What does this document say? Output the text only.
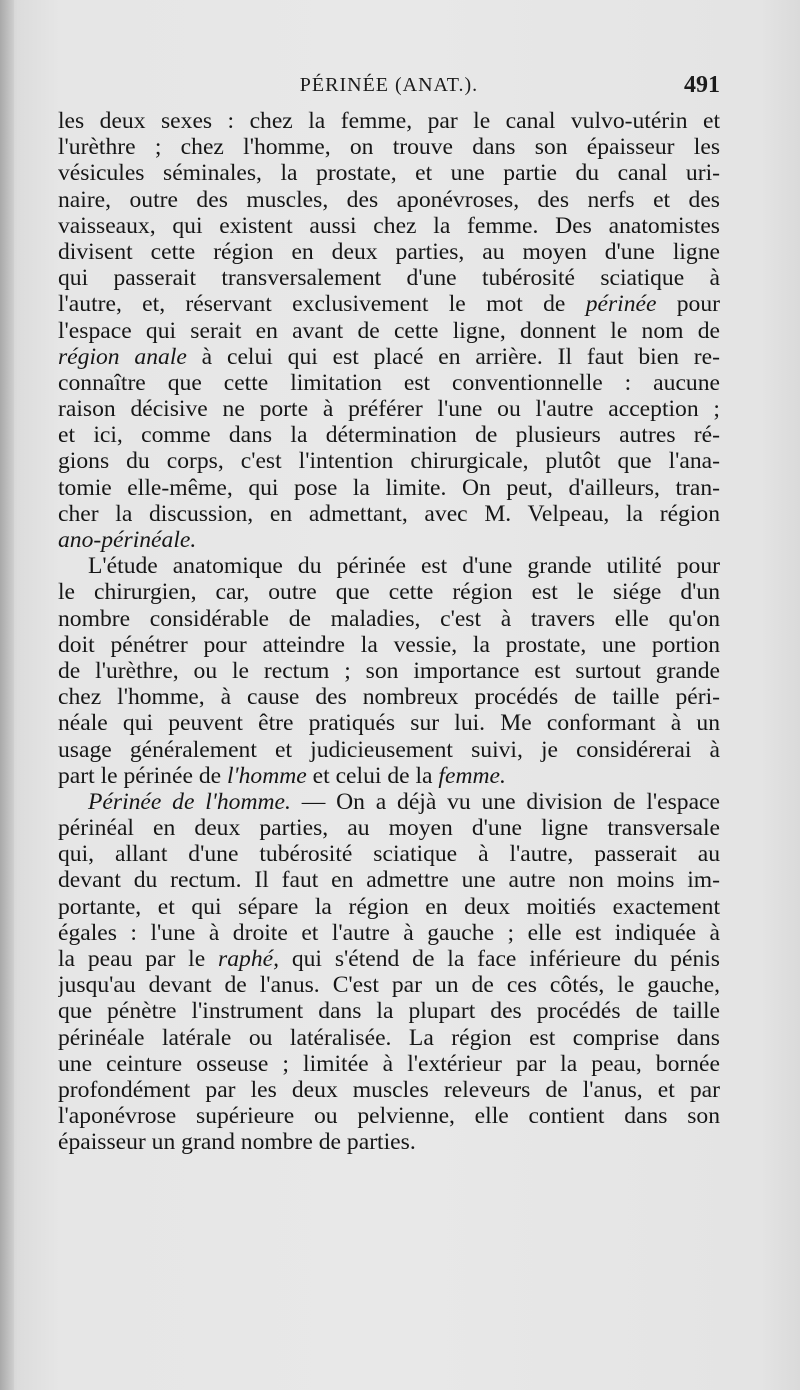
PÉRINÉE (ANAT.).	491
les deux sexes : chez la femme, par le canal vulvo-utérin et
l'urèthre ; chez l'homme, on trouve dans son épaisseur les
vésicules séminales, la prostate, et une partie du canal uri-
naire, outre des muscles, des aponévroses, des nerfs et des
vaisseaux, qui existent aussi chez la femme. Des anatomistes
divisent cette région en deux parties, au moyen d'une ligne
qui passerait transversalement d'une tubérosité sciatique à
l'autre, et, réservant exclusivement le mot de périnée pour
l'espace qui serait en avant de cette ligne, donnent le nom de
région anale à celui qui est placé en arrière. Il faut bien re-
connaître que cette limitation est conventionnelle : aucune
raison décisive ne porte à préférer l'une ou l'autre acception ;
et ici, comme dans la détermination de plusieurs autres ré-
gions du corps, c'est l'intention chirurgicale, plutôt que l'ana-
tomie elle-même, qui pose la limite. On peut, d'ailleurs, tran-
cher la discussion, en admettant, avec M. Velpeau, la région
ano-périnéale.
L'étude anatomique du périnée est d'une grande utilité pour
le chirurgien, car, outre que cette région est le siége d'un
nombre considérable de maladies, c'est à travers elle qu'on
doit pénétrer pour atteindre la vessie, la prostate, une portion
de l'urèthre, ou le rectum ; son importance est surtout grande
chez l'homme, à cause des nombreux procédés de taille péri-
néale qui peuvent être pratiqués sur lui. Me conformant à un
usage généralement et judicieusement suivi, je considérerai à
part le périnée de l'homme et celui de la femme.
Périnée de l'homme. — On a déjà vu une division de l'espace
périnéal en deux parties, au moyen d'une ligne transversale
qui, allant d'une tubérosité sciatique à l'autre, passerait au
devant du rectum. Il faut en admettre une autre non moins im-
portante, et qui sépare la région en deux moitiés exactement
égales : l'une à droite et l'autre à gauche ; elle est indiquée à
la peau par le raphé, qui s'étend de la face inférieure du pénis
jusqu'au devant de l'anus. C'est par un de ces côtés, le gauche,
que pénètre l'instrument dans la plupart des procédés de taille
périnéale latérale ou latéralisée. La région est comprise dans
une ceinture osseuse ; limitée à l'extérieur par la peau, bornée
profondément par les deux muscles releveurs de l'anus, et par
l'aponévrose supérieure ou pelvienne, elle contient dans son
épaisseur un grand nombre de parties.
